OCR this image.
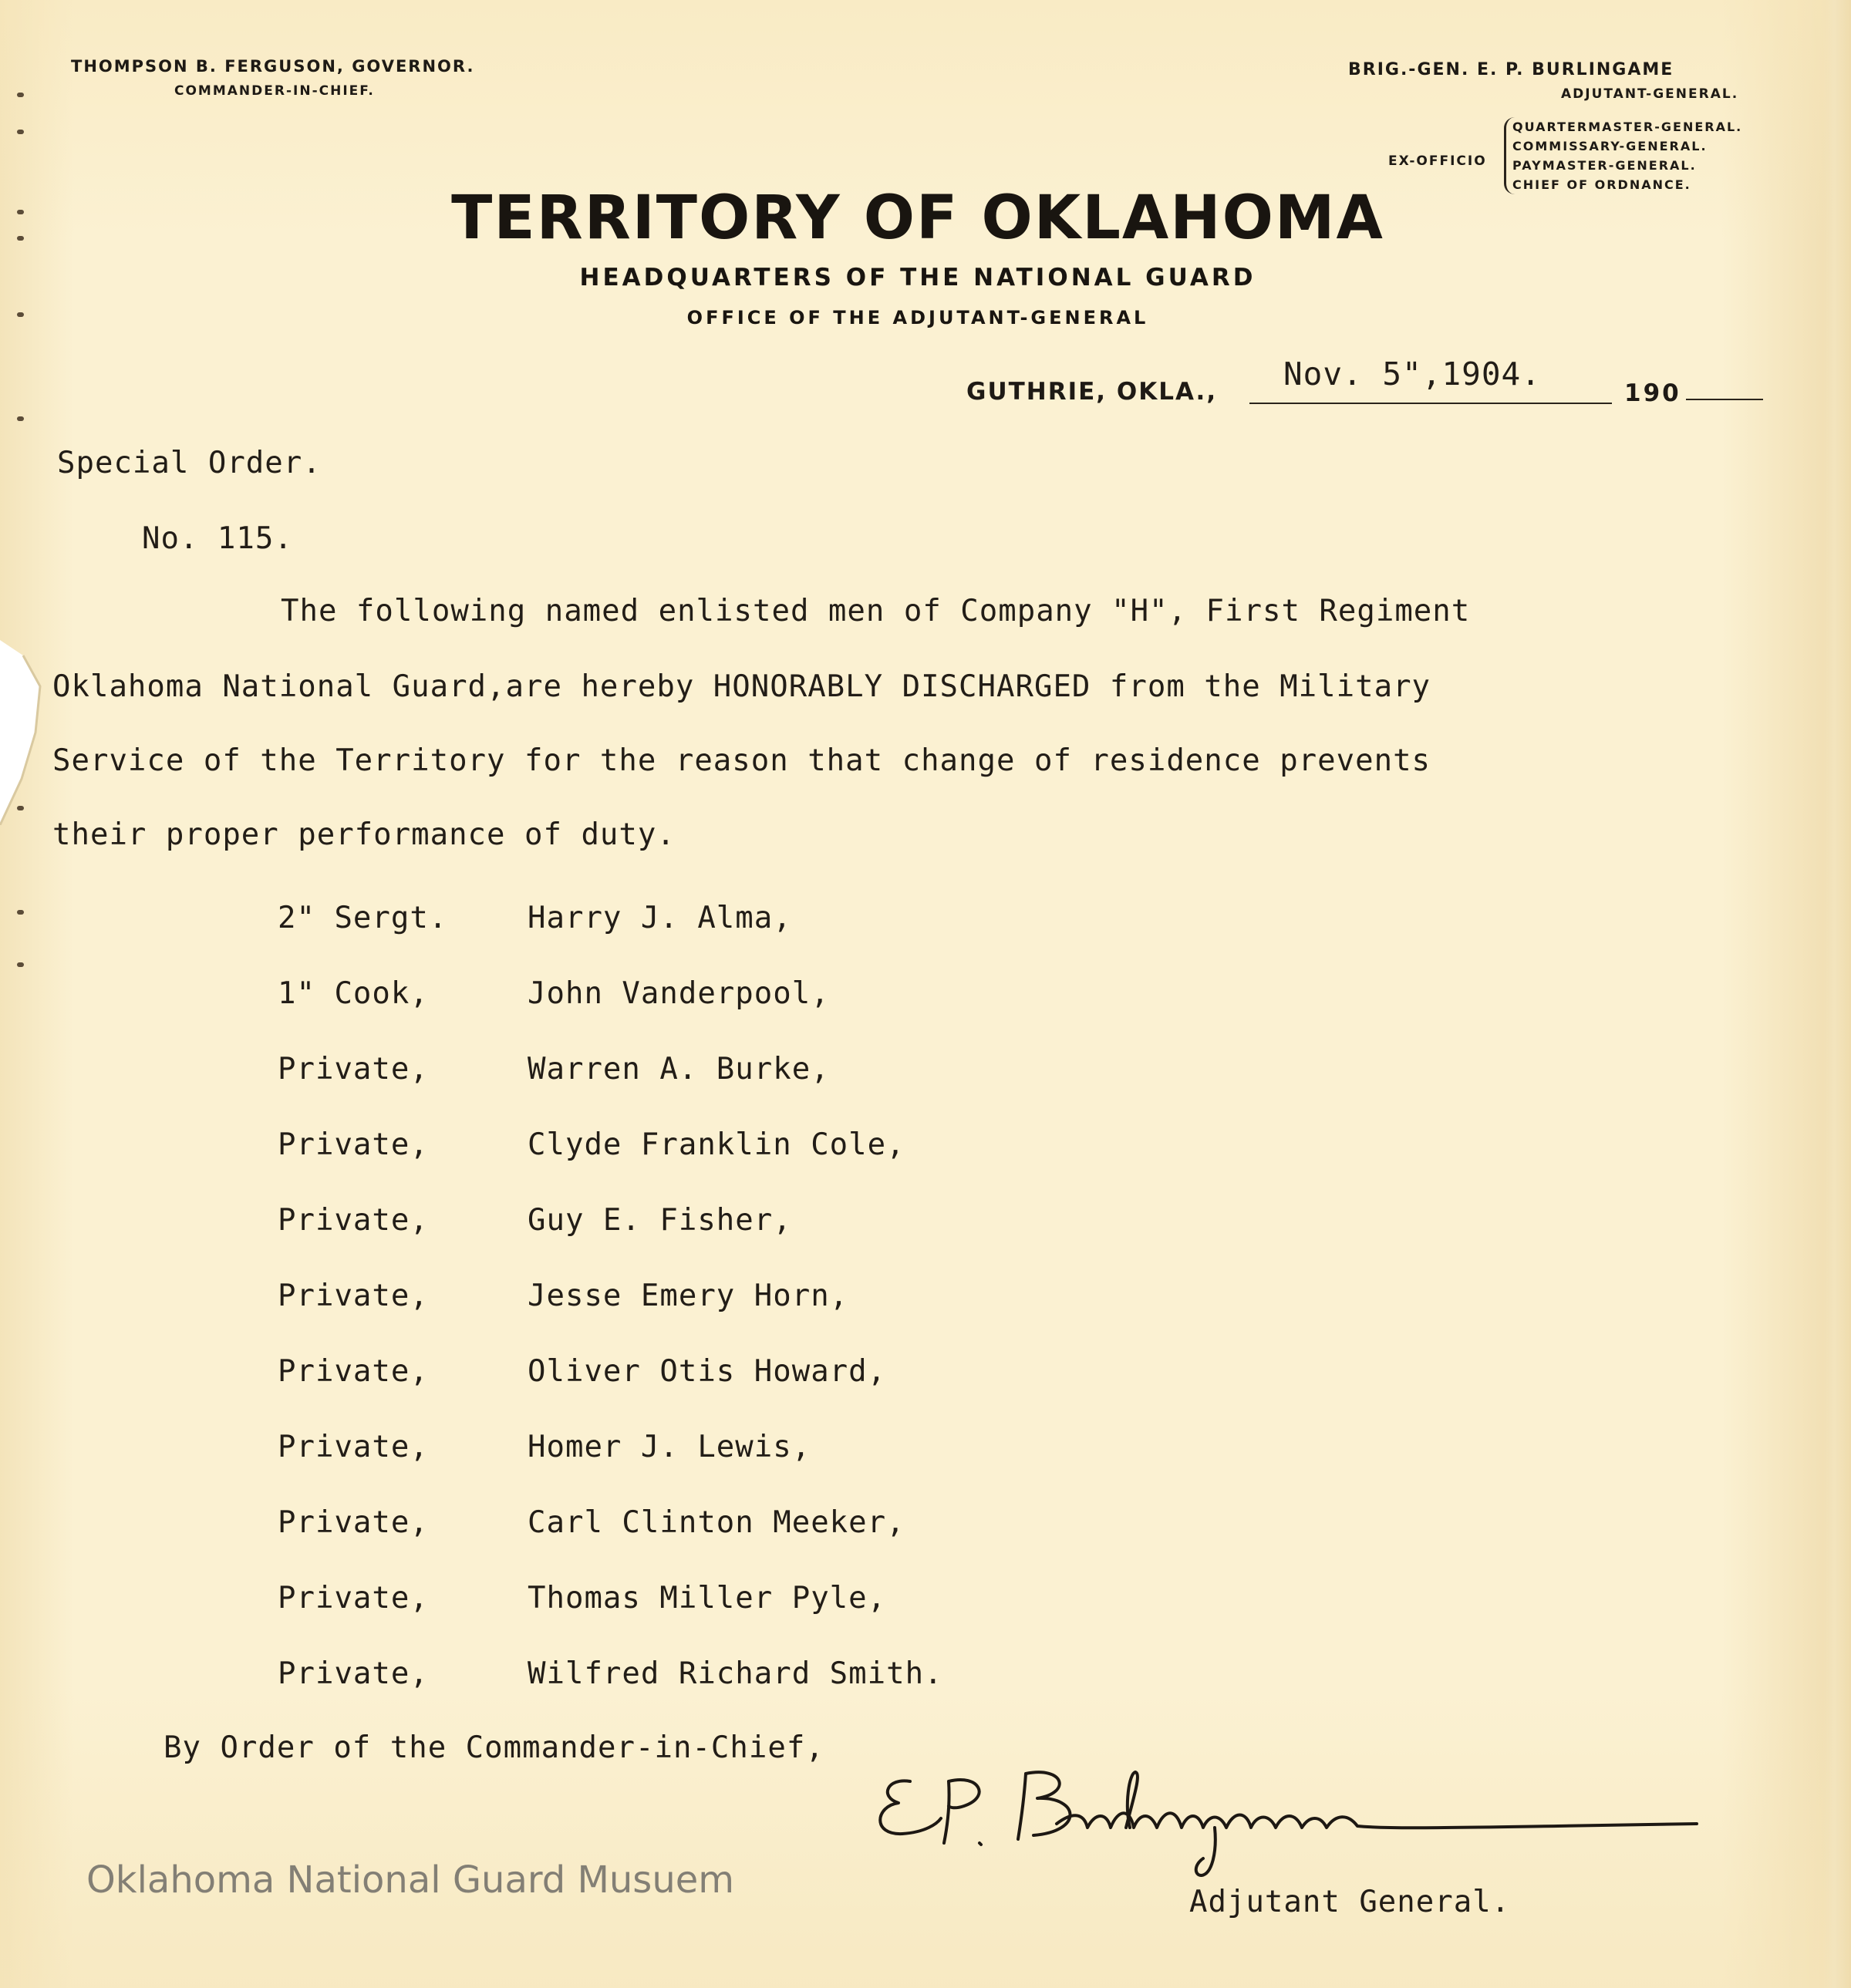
THOMPSON B. FERGUSON, GOVERNOR.
COMMANDER-IN-CHIEF.
BRIG.-GEN. E. P. BURLINGAME
ADJUTANT-GENERAL.
EX-OFFICIO
QUARTERMASTER-GENERAL.
COMMISSARY-GENERAL.
PAYMASTER-GENERAL.
CHIEF OF ORDNANCE.
TERRITORY OF OKLAHOMA
HEADQUARTERS OF THE NATIONAL GUARD
OFFICE OF THE ADJUTANT-GENERAL
GUTHRIE, OKLA., Nov. 5",1904.
190
Special Order.
No. 115.
The following named enlisted men of Company "H", First Regiment
Oklahoma National Guard,are hereby HONORABLY DISCHARGED from the Military
Service of the Territory for the reason that change of residence prevents
their proper performance of duty.
2" Sergt.	Harry J. Alma,
1" Cook,	John Vanderpool,
Private,	Warren A. Burke,
Private,	Clyde Franklin Cole,
Private,	Guy E. Fisher,
Private,	Jesse Emery Horn,
Private,	Oliver Otis Howard,
Private,	Homer J. Lewis,
Private,	Carl Clinton Meeker,
Private,	Thomas Miller Pyle,
Private,	Wilfred Richard Smith.
By Order of the Commander-in-Chief,
Adjutant General.
Oklahoma National Guard Musuem
